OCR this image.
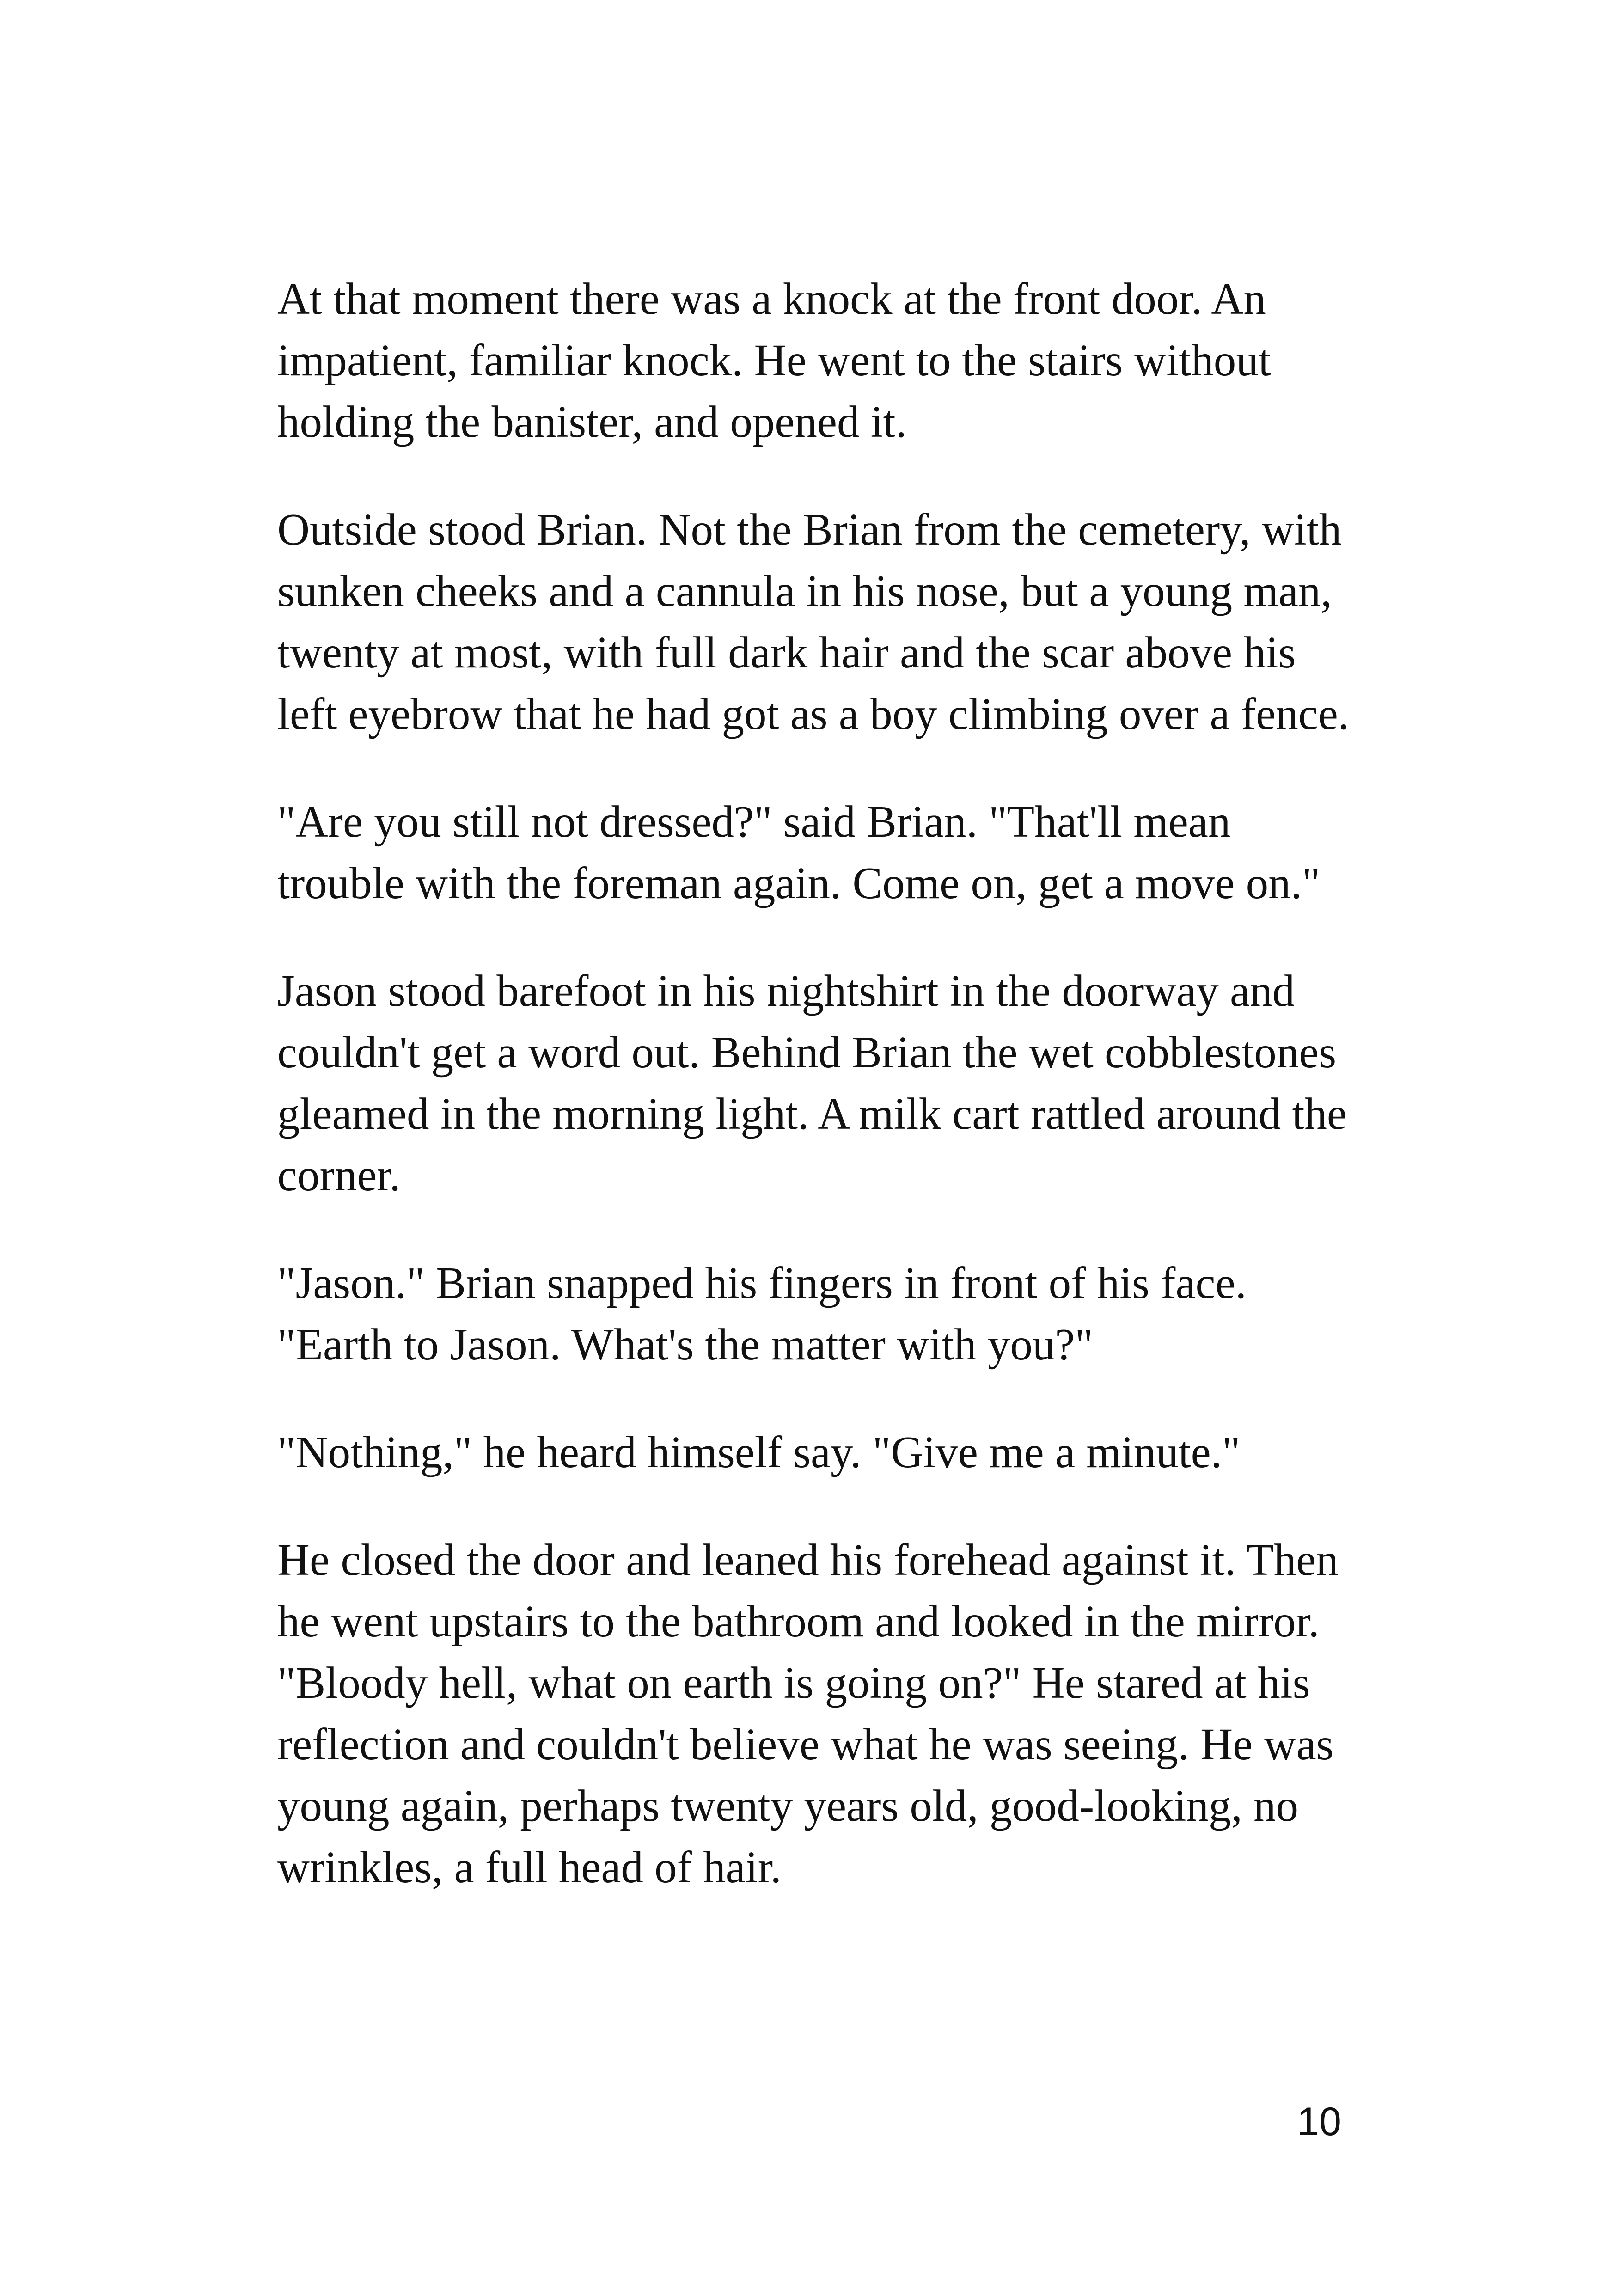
At that moment there was a knock at the front door. An impatient, familiar knock. He went to the stairs without holding the banister, and opened it.

Outside stood Brian. Not the Brian from the cemetery, with sunken cheeks and a cannula in his nose, but a young man, twenty at most, with full dark hair and the scar above his left eyebrow that he had got as a boy climbing over a fence.

"Are you still not dressed?" said Brian. "That'll mean trouble with the foreman again. Come on, get a move on."

Jason stood barefoot in his nightshirt in the doorway and couldn't get a word out. Behind Brian the wet cobblestones gleamed in the morning light. A milk cart rattled around the corner.

"Jason." Brian snapped his fingers in front of his face. "Earth to Jason. What's the matter with you?"

"Nothing," he heard himself say. "Give me a minute."

He closed the door and leaned his forehead against it. Then he went upstairs to the bathroom and looked in the mirror. "Bloody hell, what on earth is going on?" He stared at his reflection and couldn't believe what he was seeing. He was young again, perhaps twenty years old, good-looking, no wrinkles, a full head of hair.

10
